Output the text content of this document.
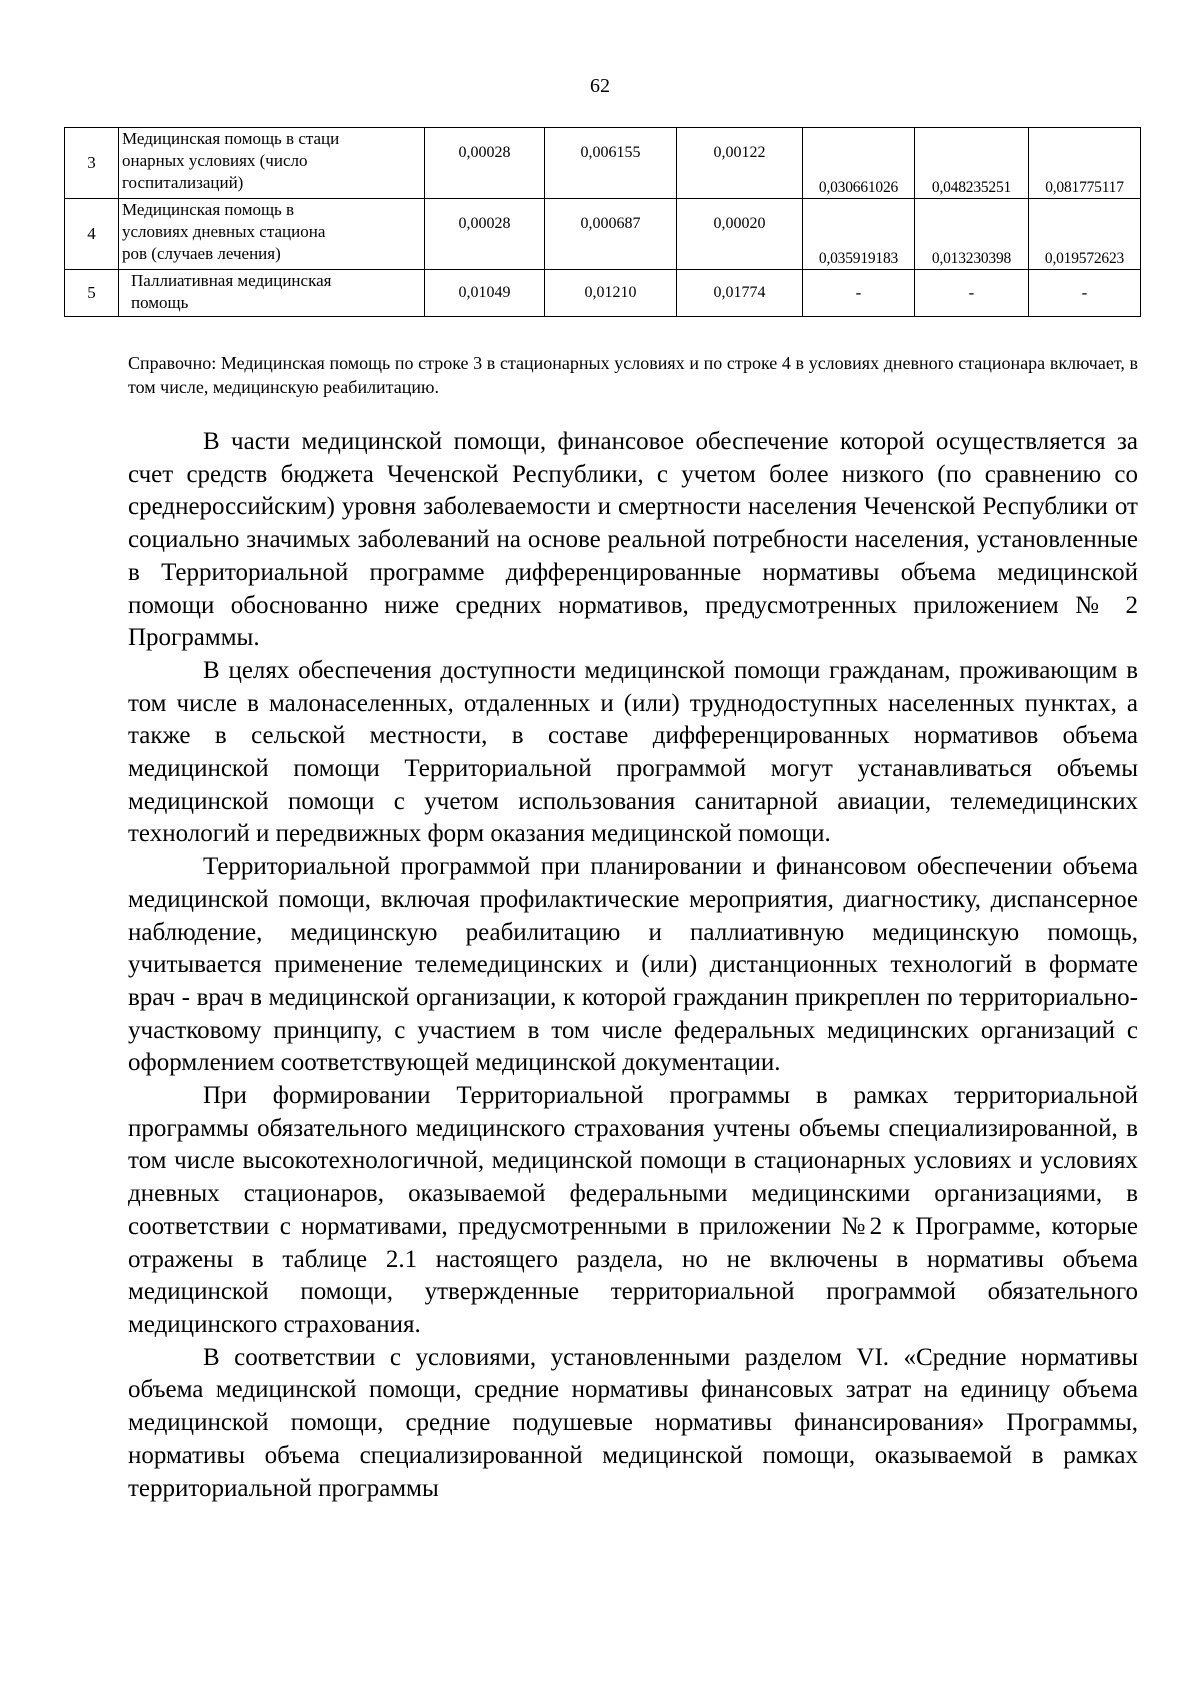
62
3	Медицинская помощь в стаци
онарных условиях (число
госпитализаций)	0,00028	0,006155	0,00122	0,030661026	0,048235251	0,081775117

4	Медицинская помощь в
условиях дневных стациона
ров (случаев лечения)	0,00028	0,000687	0,00020	0,035919183	0,013230398	0,019572623

5	Паллиативная медицинская
помощь	0,01049	0,01210	0,01774	-	-	-
Справочно: Медицинская помощь по строке 3 в стационарных условиях и по строке 4 в условиях дневного стационара включает, в том числе, медицинскую реабилитацию.

В части медицинской помощи, финансовое обеспечение которой осуществляется за счет средств бюджета Чеченской Республики, с учетом более низкого (по сравнению со среднероссийским) уровня заболеваемости и смертности населения Чеченской Республики от социально значимых заболеваний на основе реальной потребности населения, установленные в Территориальной программе дифференцированные нормативы объема медицинской помощи обоснованно ниже средних нормативов, предусмотренных приложением № 2 Программы.

В целях обеспечения доступности медицинской помощи гражданам, проживающим в том числе в малонаселенных, отдаленных и (или) труднодоступных населенных пунктах, а также в сельской местности, в составе дифференцированных нормативов объема медицинской помощи Территориальной программой могут устанавливаться объемы медицинской помощи с учетом использования санитарной авиации, телемедицинских технологий и передвижных форм оказания медицинской помощи.

Территориальной программой при планировании и финансовом обеспечении объема медицинской помощи, включая профилактические мероприятия, диагностику, диспансерное наблюдение, медицинскую реабилитацию и паллиативную медицинскую помощь, учитывается применение телемедицинских и (или) дистанционных технологий в формате врач - врач в медицинской организации, к которой гражданин прикреплен по территориально-участковому принципу, с участием в том числе федеральных медицинских организаций с оформлением соответствующей медицинской документации.

При формировании Территориальной программы в рамках территориальной программы обязательного медицинского страхования учтены объемы специализированной, в том числе высокотехнологичной, медицинской помощи в стационарных условиях и условиях дневных стационаров, оказываемой федеральными медицинскими организациями, в соответствии с нормативами, предусмотренными в приложении №2 к Программе, которые отражены в таблице 2.1 настоящего раздела, но не включены в нормативы объема медицинской помощи, утвержденные территориальной программой обязательного медицинского страхования.

В соответствии с условиями, установленными разделом VI. «Средние нормативы объема медицинской помощи, средние нормативы финансовых затрат на единицу объема медицинской помощи, средние подушевые нормативы финансирования» Программы, нормативы объема специализированной медицинской помощи, оказываемой в рамках территориальной программы
